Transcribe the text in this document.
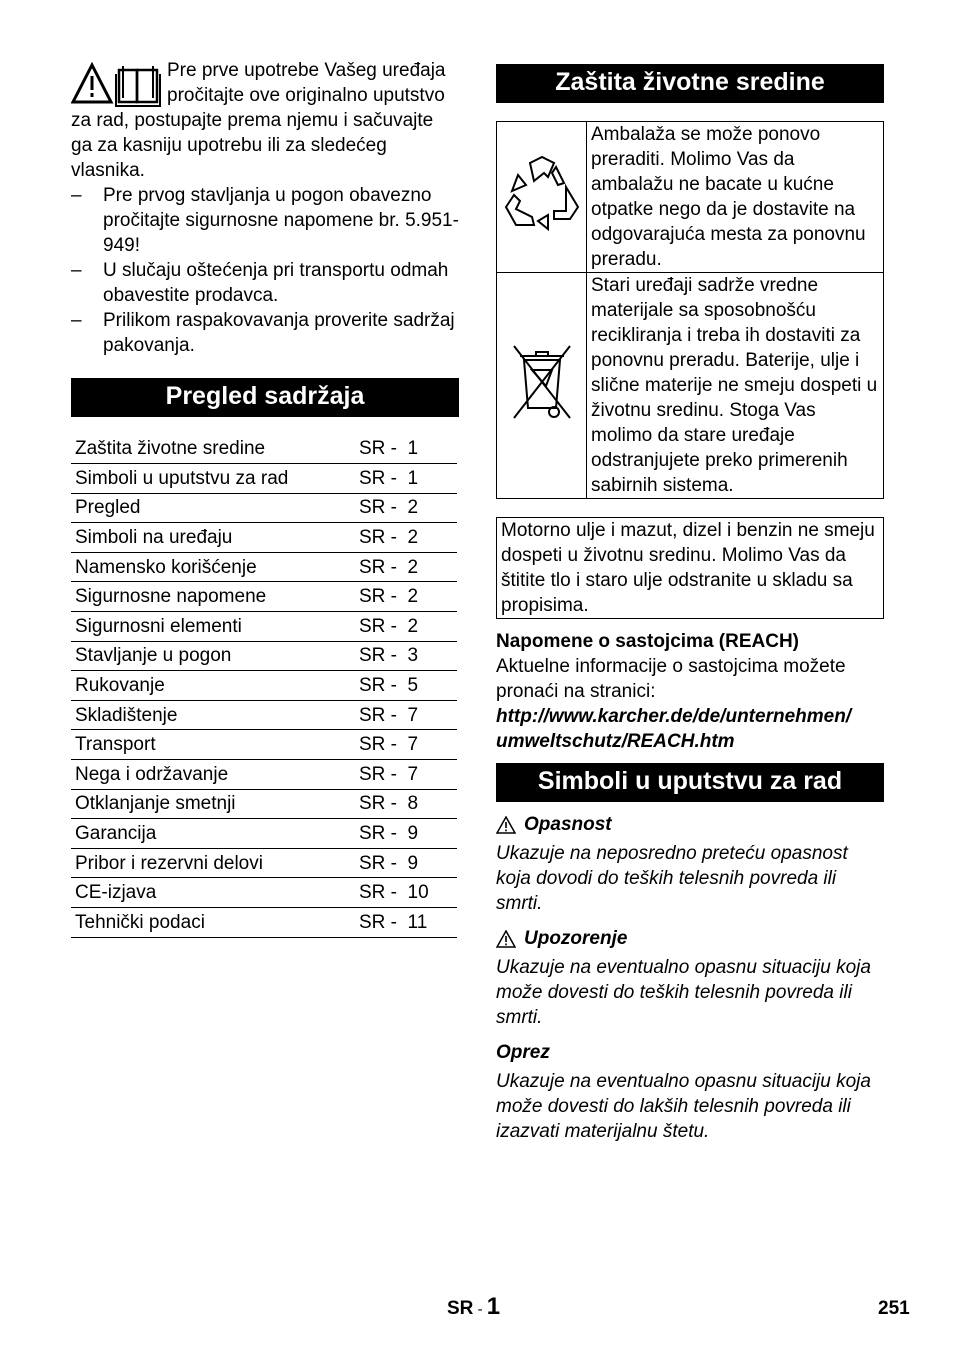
Pre prve upotrebe Vašeg uređaja pročitajte ove originalno uputstvo za rad, postupajte prema njemu i sačuvajte ga za kasniju upotrebu ili za sledećeg vlasnika.

– Pre prvog stavljanja u pogon obavezno pročitajte sigurnosne napomene br. 5.951-949!
– U slučaju oštećenja pri transportu odmah obavestite prodavca.
– Prilikom raspakovavanja proverite sadržaj pakovanja.
Pregled sadržaja
Zaštita životne sredine	SR -  1
Simboli u uputstvu za rad	SR -  1
Pregled	SR -  2
Simboli na uređaju	SR -  2
Namensko korišćenje	SR -  2
Sigurnosne napomene	SR -  2
Sigurnosni elementi	SR -  2
Stavljanje u pogon	SR -  3
Rukovanje	SR -  5
Skladištenje	SR -  7
Transport	SR -  7
Nega i održavanje	SR -  7
Otklanjanje smetnji	SR -  8
Garancija	SR -  9
Pribor i rezervni delovi	SR -  9
CE-izjava	SR -  10
Tehnički podaci	SR -  11
Zaštita životne sredine
	Ambalaža se može ponovo preraditi. Molimo Vas da ambalažu ne bacate u kućne otpatke nego da je dostavite na odgovarajuća mesta za ponovnu preradu.
	Stari uređaji sadrže vredne materijale sa sposobnošću recikliranja i treba ih dostaviti za ponovnu preradu. Baterije, ulje i slične materije ne smeju dospeti u životnu sredinu. Stoga Vas molimo da stare uređaje odstranjujete preko primerenih sabirnih sistema.
Motorno ulje i mazut, dizel i benzin ne smeju dospeti u životnu sredinu. Molimo Vas da štitite tlo i staro ulje odstranite u skladu sa propisima.
Napomene o sastojcima (REACH)
Aktuelne informacije o sastojcima možete pronaći na stranici:
http://www.karcher.de/de/unternehmen/
umweltschutz/REACH.htm
Simboli u uputstvu za rad
Opasnost
Ukazuje na neposredno preteću opasnost koja dovodi do teških telesnih povreda ili smrti.
Upozorenje
Ukazuje na eventualno opasnu situaciju koja može dovesti do teških telesnih povreda ili smrti.
Oprez
Ukazuje na eventualno opasnu situaciju koja može dovesti do lakših telesnih povreda ili izazvati materijalnu štetu.
SR - 1	251
